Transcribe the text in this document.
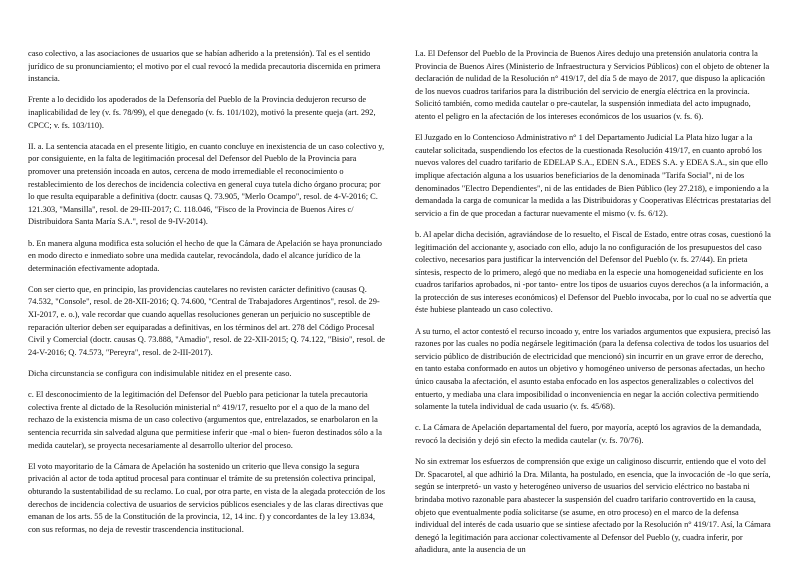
caso colectivo, a las asociaciones de usuarios que se habían adherido a la pretensión). Tal es el sentido jurídico de su pronunciamiento; el motivo por el cual revocó la medida precautoria discernida en primera instancia.

Frente a lo decidido los apoderados de la Defensoría del Pueblo de la Provincia dedujeron recurso de inaplicabilidad de ley (v. fs. 78/99), el que denegado (v. fs. 101/102), motivó la presente queja (art. 292, CPCC; v. fs. 103/110).

II. a. La sentencia atacada en el presente litigio, en cuanto concluye en inexistencia de un caso colectivo y, por consiguiente, en la falta de legitimación procesal del Defensor del Pueblo de la Provincia para promover una pretensión incoada en autos, cercena de modo irremediable el reconocimiento o restablecimiento de los derechos de incidencia colectiva en general cuya tutela dicho órgano procura; por lo que resulta equiparable a definitiva (doctr. causas Q. 73.905, "Merlo Ocampo", resol. de 4-V-2016; C. 121.303, "Mansilla", resol. de 29-III-2017; C. 118.046, "Fisco de la Provincia de Buenos Aires c/ Distribuidora Santa María S.A.", resol de 9-IV-2014).

b. En manera alguna modifica esta solución el hecho de que la Cámara de Apelación se haya pronunciado en modo directo e inmediato sobre una medida cautelar, revocándola, dado el alcance jurídico de la determinación efectivamente adoptada.

Con ser cierto que, en principio, las providencias cautelares no revisten carácter definitivo (causas Q. 74.532, "Console", resol. de 28-XII-2016; Q. 74.600, "Central de Trabajadores Argentinos", resol. de 29-XI-2017, e. o.), vale recordar que cuando aquellas resoluciones generan un perjuicio no susceptible de reparación ulterior deben ser equiparadas a definitivas, en los términos del art. 278 del Código Procesal Civil y Comercial (doctr. causas Q. 73.888, "Amadio", resol. de 22-XII-2015; Q. 74.122, "Bisio", resol. de 24-V-2016; Q. 74.573, "Pereyra", resol. de 2-III-2017).

Dicha circunstancia se configura con indisimulable nitidez en el presente caso.

c. El desconocimiento de la legitimación del Defensor del Pueblo para peticionar la tutela precautoria colectiva frente al dictado de la Resolución ministerial n° 419/17, resuelto por el a quo de la mano del rechazo de la existencia misma de un caso colectivo (argumentos que, entrelazados, se enarbolaron en la sentencia recurrida sin salvedad alguna que permitiese inferir que -mal o bien- fueron destinados sólo a la medida cautelar), se proyecta necesariamente al desarrollo ulterior del proceso.

El voto mayoritario de la Cámara de Apelación ha sostenido un criterio que lleva consigo la segura privación al actor de toda aptitud procesal para continuar el trámite de su pretensión colectiva principal, obturando la sustentabilidad de su reclamo. Lo cual, por otra parte, en vista de la alegada protección de los derechos de incidencia colectiva de usuarios de servicios públicos esenciales y de las claras directivas que emanan de los arts. 55 de la Constitución de la provincia, 12, 14 inc. f) y concordantes de la ley 13.834, con sus reformas, no deja de revestir trascendencia institucional.

I.a. El Defensor del Pueblo de la Provincia de Buenos Aires dedujo una pretensión anulatoria contra la Provincia de Buenos Aires (Ministerio de Infraestructura y Servicios Públicos) con el objeto de obtener la declaración de nulidad de la Resolución n° 419/17, del día 5 de mayo de 2017, que dispuso la aplicación de los nuevos cuadros tarifarios para la distribución del servicio de energía eléctrica en la provincia. Solicitó también, como medida cautelar o pre-cautelar, la suspensión inmediata del acto impugnado, atento el peligro en la afectación de los intereses económicos de los usuarios (v. fs. 6).

El Juzgado en lo Contencioso Administrativo n° 1 del Departamento Judicial La Plata hizo lugar a la cautelar solicitada, suspendiendo los efectos de la cuestionada Resolución 419/17, en cuanto aprobó los nuevos valores del cuadro tarifario de EDELAP S.A., EDEN S.A., EDES S.A. y EDEA S.A., sin que ello implique afectación alguna a los usuarios beneficiarios de la denominada "Tarifa Social", ni de los denominados "Electro Dependientes", ni de las entidades de Bien Público (ley 27.218), e imponiendo a la demandada la carga de comunicar la medida a las Distribuidoras y Cooperativas Eléctricas prestatarias del servicio a fin de que procedan a facturar nuevamente el mismo (v. fs. 6/12).

b. Al apelar dicha decisión, agraviándose de lo resuelto, el Fiscal de Estado, entre otras cosas, cuestionó la legitimación del accionante y, asociado con ello, adujo la no configuración de los presupuestos del caso colectivo, necesarios para justificar la intervención del Defensor del Pueblo (v. fs. 27/44). En prieta síntesis, respecto de lo primero, alegó que no mediaba en la especie una homogeneidad suficiente en los cuadros tarifarios aprobados, ni -por tanto- entre los tipos de usuarios cuyos derechos (a la información, a la protección de sus intereses económicos) el Defensor del Pueblo invocaba, por lo cual no se advertía que éste hubiese planteado un caso colectivo.

A su turno, el actor contestó el recurso incoado y, entre los variados argumentos que expusiera, precisó las razones por las cuales no podía negársele legitimación (para la defensa colectiva de todos los usuarios del servicio público de distribución de electricidad que mencionó) sin incurrir en un grave error de derecho, en tanto estaba conformado en autos un objetivo y homogéneo universo de personas afectadas, un hecho único causaba la afectación, el asunto estaba enfocado en los aspectos generalizables o colectivos del entuerto, y mediaba una clara imposibilidad o inconveniencia en negar la acción colectiva permitiendo solamente la tutela individual de cada usuario (v. fs. 45/68).

c. La Cámara de Apelación departamental del fuero, por mayoría, aceptó los agravios de la demandada, revocó la decisión y dejó sin efecto la medida cautelar (v. fs. 70/76).

No sin extremar los esfuerzos de comprensión que exige un caliginoso discurrir, entiendo que el voto del Dr. Spacarotel, al que adhirió la Dra. Milanta, ha postulado, en esencia, que la invocación de -lo que sería, según se interpretó- un vasto y heterogéneo universo de usuarios del servicio eléctrico no bastaba ni brindaba motivo razonable para abastecer la suspensión del cuadro tarifario controvertido en la causa, objeto que eventualmente podía solicitarse (se asume, en otro proceso) en el marco de la defensa individual del interés de cada usuario que se sintiese afectado por la Resolución n° 419/17. Así, la Cámara denegó la legitimación para accionar colectivamente al Defensor del Pueblo (y, cuadra inferir, por añadidura, ante la ausencia de un
